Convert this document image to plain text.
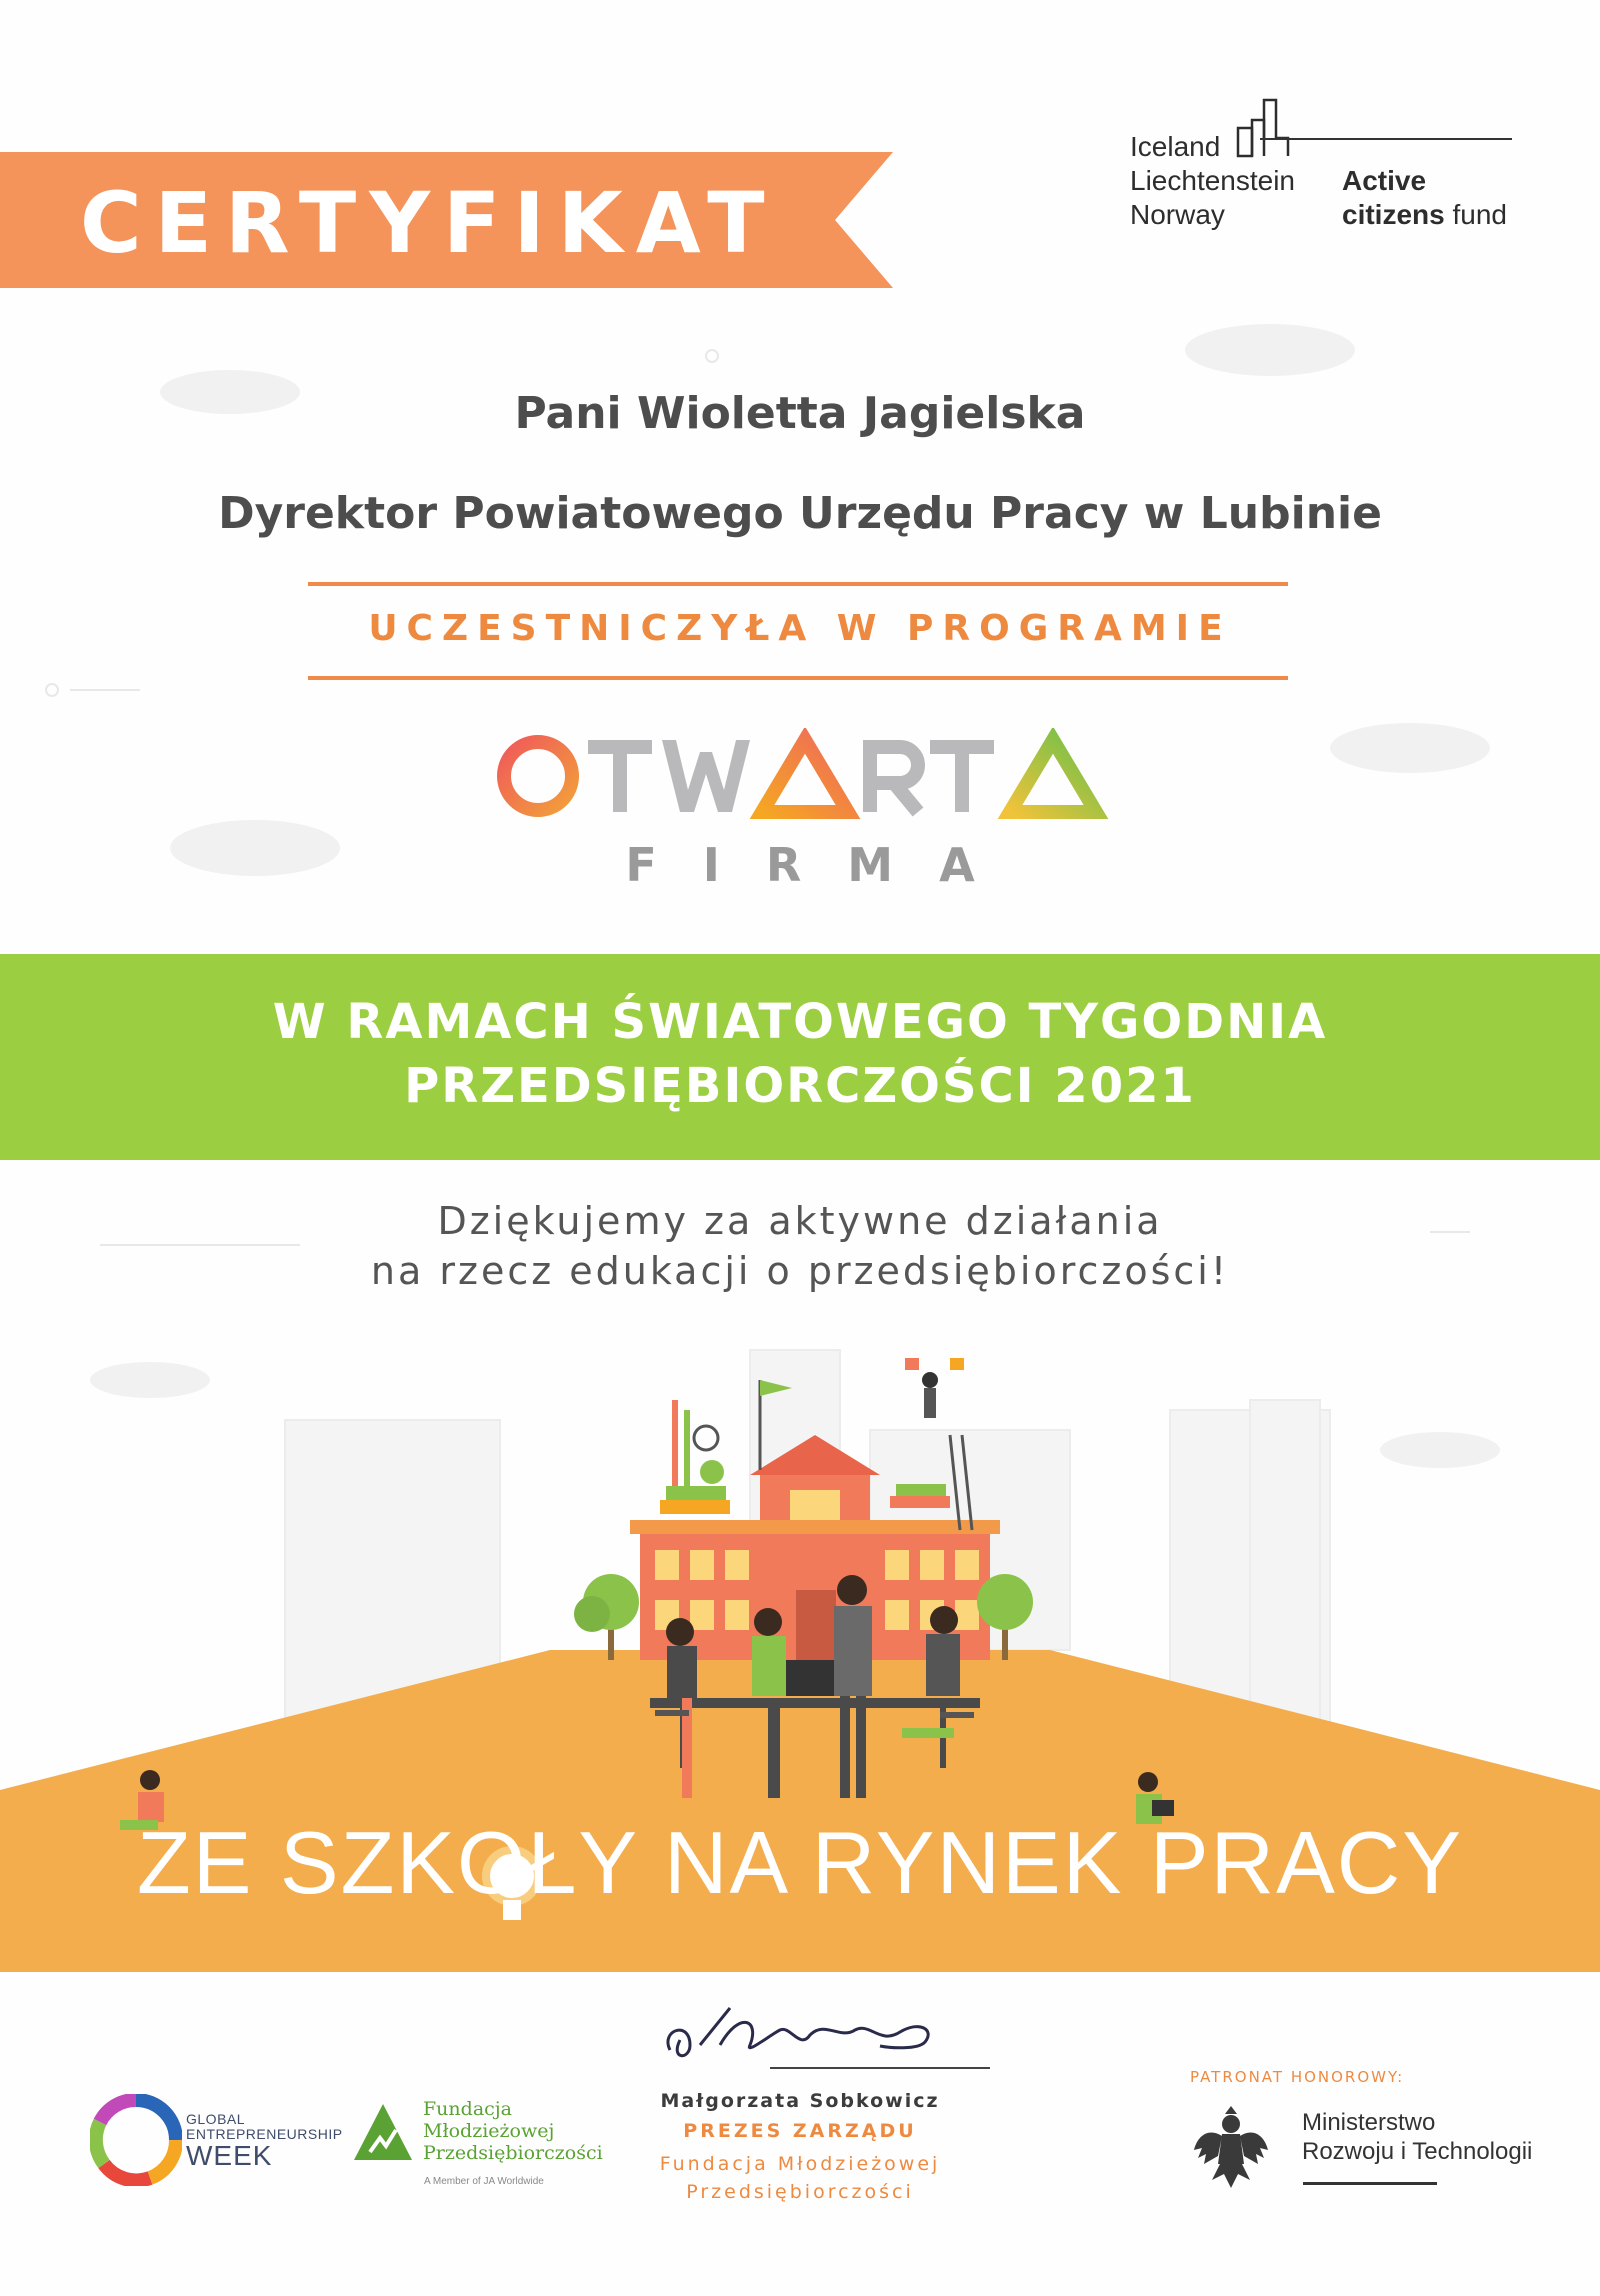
CERTYFIKAT
Iceland
Liechtenstein
Norway
Active
citizens fund
Pani Wioletta Jagielska
Dyrektor Powiatowego Urzędu Pracy w Lubinie
UCZESTNICZYŁA W PROGRAMIE
FIRMA
W RAMACH ŚWIATOWEGO TYGODNIA
PRZEDSIĘBIORCZOŚCI 2021
Dziękujemy za aktywne działania
na rzecz edukacji o przedsiębiorczości!
ZE SZKOŁY NA RYNEK PRACY
Małgorzata Sobkowicz
PREZES ZARZĄDU
Fundacja Młodzieżowej
Przedsiębiorczości
GLOBAL
ENTREPRENEURSHIP
WEEK
Fundacja
Młodzieżowej
Przedsiębiorczości
A Member of JA Worldwide
PATRONAT HONOROWY:
Ministerstwo
Rozwoju i Technologii
